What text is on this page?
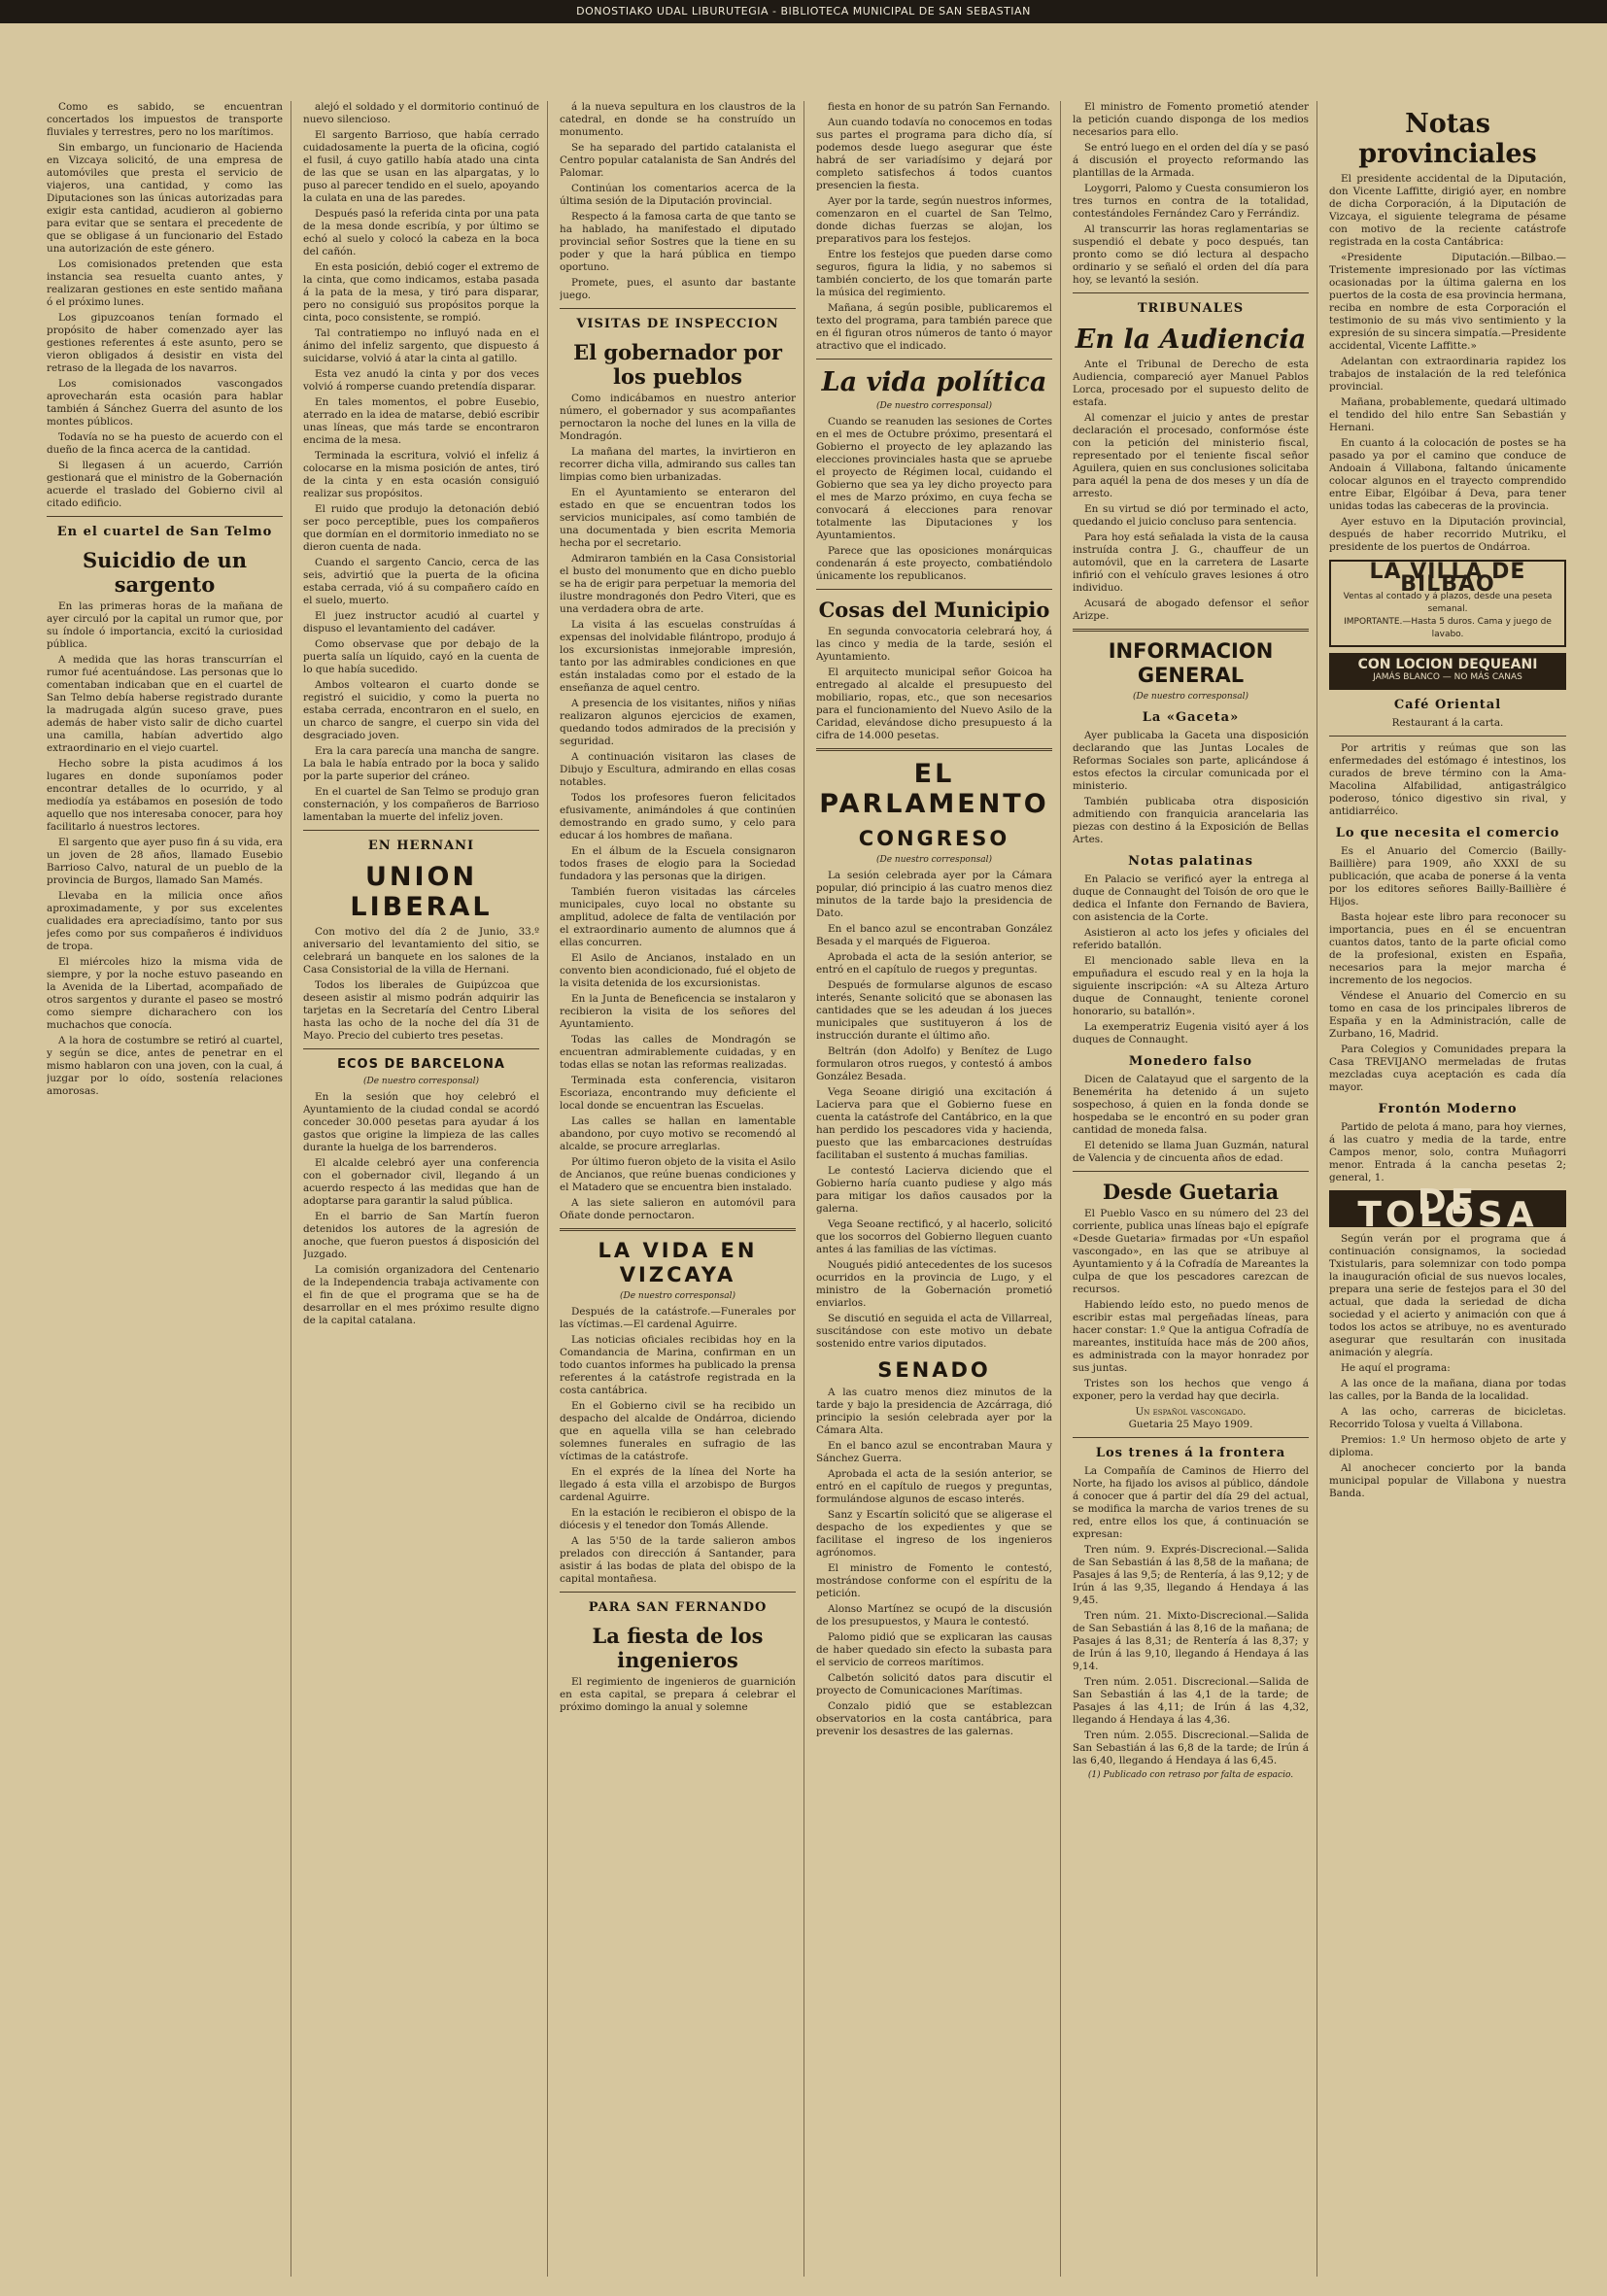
DONOSTIAKO UDAL LIBURUTEGIA - BIBLIOTECA MUNICIPAL DE SAN SEBASTIAN

Como es sabido, se encuentran concertados los impuestos de transporte fluviales y terrestres, pero no los marítimos.

Sin embargo, un funcionario de Hacienda en Vizcaya solicitó, de una empresa de automóviles que presta el servicio de viajeros, una cantidad, y como las Diputaciones son las únicas autorizadas para exigir esta cantidad, acudieron al gobierno para evitar que se sentara el precedente de que se obligase á un funcionario del Estado una autorización de este género.

Los comisionados pretenden que esta instancia sea resuelta cuanto antes, y realizaran gestiones en este sentido mañana ó el próximo lunes.

Los gipuzcoanos tenían formado el propósito de haber comenzado ayer las gestiones referentes á este asunto, pero se vieron obligados á desistir en vista del retraso de la llegada de los navarros.

Los comisionados vascongados aprovecharán esta ocasión para hablar también á Sánchez Guerra del asunto de los montes públicos.

Todavía no se ha puesto de acuerdo con el dueño de la finca acerca de la cantidad.

Si llegasen á un acuerdo, Carrión gestionará que el ministro de la Gobernación acuerde el traslado del Gobierno civil al citado edificio.

En el cuartel de San Telmo
Suicidio de un sargento

En las primeras horas de la mañana de ayer circuló por la capital un rumor que, por su índole ó importancia, excitó la curiosidad pública.

A medida que las horas transcurrían el rumor fué acentuándose. Las personas que lo comentaban indicaban que en el cuartel de San Telmo debía haberse registrado durante la madrugada algún suceso grave, pues además de haber visto salir de dicho cuartel una camilla, habían advertido algo extraordinario en el viejo cuartel.

Hecho sobre la pista acudimos á los lugares en donde suponíamos poder encontrar detalles de lo ocurrido, y al mediodía ya estábamos en posesión de todo aquello que nos interesaba conocer, para hoy facilitarlo á nuestros lectores.

El sargento que ayer puso fin á su vida, era un joven de 28 años, llamado Eusebio Barrioso Calvo, natural de un pueblo de la provincia de Burgos, llamado San Mamés.

Llevaba en la milicia once años aproximadamente, y por sus excelentes cualidades era apreciadísimo, tanto por sus jefes como por sus compañeros é individuos de tropa.

El miércoles hizo la misma vida de siempre, y por la noche estuvo paseando en la Avenida de la Libertad, acompañado de otros sargentos y durante el paseo se mostró como siempre dicharachero con los muchachos que conocía.

A la hora de costumbre se retiró al cuartel, y según se dice, antes de penetrar en el mismo hablaron con una joven, con la cual, á juzgar por lo oído, sostenía relaciones amorosas.

alejó el soldado y el dormitorio continuó de nuevo silencioso.

El sargento Barrioso, que había cerrado cuidadosamente la puerta de la oficina, cogió el fusil, á cuyo gatillo había atado una cinta de las que se usan en las alpargatas, y lo puso al parecer tendido en el suelo, apoyando la culata en una de las paredes.

Después pasó la referida cinta por una pata de la mesa donde escribía, y por último se echó al suelo y colocó la cabeza en la boca del cañón.

En esta posición, debió coger el extremo de la cinta, que como indicamos, estaba pasada á la pata de la mesa, y tiró para disparar, pero no consiguió sus propósitos porque la cinta, poco consistente, se rompió.

Tal contratiempo no influyó nada en el ánimo del infeliz sargento, que dispuesto á suicidarse, volvió á atar la cinta al gatillo.

Esta vez anudó la cinta y por dos veces volvió á romperse cuando pretendía disparar.

En tales momentos, el pobre Eusebio, aterrado en la idea de matarse, debió escribir unas líneas, que más tarde se encontraron encima de la mesa.

Terminada la escritura, volvió el infeliz á colocarse en la misma posición de antes, tiró de la cinta y en esta ocasión consiguió realizar sus propósitos.

El ruido que produjo la detonación debió ser poco perceptible, pues los compañeros que dormían en el dormitorio inmediato no se dieron cuenta de nada.

Cuando el sargento Cancio, cerca de las seis, advirtió que la puerta de la oficina estaba cerrada, vió á su compañero caído en el suelo, muerto.

El juez instructor acudió al cuartel y dispuso el levantamiento del cadáver.

Como observase que por debajo de la puerta salía un líquido, cayó en la cuenta de lo que había sucedido.

Ambos voltearon el cuarto donde se registró el suicidio, y como la puerta no estaba cerrada, encontraron en el suelo, en un charco de sangre, el cuerpo sin vida del desgraciado joven.

Era la cara parecía una mancha de sangre. La bala le había entrado por la boca y salido por la parte superior del cráneo.

En el cuartel de San Telmo se produjo gran consternación, y los compañeros de Barrioso lamentaban la muerte del infeliz joven.

EN HERNANI
UNION LIBERAL

Con motivo del día 2 de Junio, 33.º aniversario del levantamiento del sitio, se celebrará un banquete en los salones de la Casa Consistorial de la villa de Hernani.

Todos los liberales de Guipúzcoa que deseen asistir al mismo podrán adquirir las tarjetas en la Secretaría del Centro Liberal hasta las ocho de la noche del día 31 de Mayo. Precio del cubierto tres pesetas.

ECOS DE BARCELONA
(De nuestro corresponsal)

En la sesión que hoy celebró el Ayuntamiento de la ciudad condal se acordó conceder 30.000 pesetas para ayudar á los gastos que origine la limpieza de las calles durante la huelga de los barrenderos.

El alcalde celebró ayer una conferencia con el gobernador civil, llegando á un acuerdo respecto á las medidas que han de adoptarse para garantir la salud pública.

En el barrio de San Martín fueron detenidos los autores de la agresión de anoche, que fueron puestos á disposición del Juzgado.

La comisión organizadora del Centenario de la Independencia trabaja activamente con el fin de que el programa que se ha de desarrollar en el mes próximo resulte digno de la capital catalana.

á la nueva sepultura en los claustros de la catedral, en donde se ha construído un monumento.

Se ha separado del partido catalanista el Centro popular catalanista de San Andrés del Palomar.

Continúan los comentarios acerca de la última sesión de la Diputación provincial.

Respecto á la famosa carta de que tanto se ha hablado, ha manifestado el diputado provincial señor Sostres que la tiene en su poder y que la hará pública en tiempo oportuno.

Promete, pues, el asunto dar bastante juego.

VISITAS DE INSPECCION
El gobernador por los pueblos

Como indicábamos en nuestro anterior número, el gobernador y sus acompañantes pernoctaron la noche del lunes en la villa de Mondragón.

La mañana del martes, la invirtieron en recorrer dicha villa, admirando sus calles tan limpias como bien urbanizadas.

En el Ayuntamiento se enteraron del estado en que se encuentran todos los servicios municipales, así como también de una documentada y bien escrita Memoria hecha por el secretario.

Admiraron también en la Casa Consistorial el busto del monumento que en dicho pueblo se ha de erigir para perpetuar la memoria del ilustre mondragonés don Pedro Viteri, que es una verdadera obra de arte.

La visita á las escuelas construídas á expensas del inolvidable filántropo, produjo á los excursionistas inmejorable impresión, tanto por las admirables condiciones en que están instaladas como por el estado de la enseñanza de aquel centro.

A presencia de los visitantes, niños y niñas realizaron algunos ejercicios de examen, quedando todos admirados de la precisión y seguridad.

A continuación visitaron las clases de Dibujo y Escultura, admirando en ellas cosas notables.

Todos los profesores fueron felicitados efusivamente, animándoles á que continúen demostrando en grado sumo, y celo para educar á los hombres de mañana.

En el álbum de la Escuela consignaron todos frases de elogio para la Sociedad fundadora y las personas que la dirigen.

También fueron visitadas las cárceles municipales, cuyo local no obstante su amplitud, adolece de falta de ventilación por el extraordinario aumento de alumnos que á ellas concurren.

El Asilo de Ancianos, instalado en un convento bien acondicionado, fué el objeto de la visita detenida de los excursionistas.

En la Junta de Beneficencia se instalaron y recibieron la visita de los señores del Ayuntamiento.

Todas las calles de Mondragón se encuentran admirablemente cuidadas, y en todas ellas se notan las reformas realizadas.

Terminada esta conferencia, visitaron Escoriaza, encontrando muy deficiente el local donde se encuentran las Escuelas.

Las calles se hallan en lamentable abandono, por cuyo motivo se recomendó al alcalde, se procure arreglarlas.

Por último fueron objeto de la visita el Asilo de Ancianos, que reúne buenas condiciones y el Matadero que se encuentra bien instalado.

A las siete salieron en automóvil para Oñate donde pernoctaron.

LA VIDA EN VIZCAYA
(De nuestro corresponsal)

Después de la catástrofe.—Funerales por las víctimas.—El cardenal Aguirre.

Las noticias oficiales recibidas hoy en la Comandancia de Marina, confirman en un todo cuantos informes ha publicado la prensa referentes á la catástrofe registrada en la costa cantábrica.

En el Gobierno civil se ha recibido un despacho del alcalde de Ondárroa, diciendo que en aquella villa se han celebrado solemnes funerales en sufragio de las víctimas de la catástrofe.

En el exprés de la línea del Norte ha llegado á esta villa el arzobispo de Burgos cardenal Aguirre.

En la estación le recibieron el obispo de la diócesis y el tenedor don Tomás Allende.

A las 5'50 de la tarde salieron ambos prelados con dirección á Santander, para asistir á las bodas de plata del obispo de la capital montañesa.

PARA SAN FERNANDO
La fiesta de los ingenieros

El regimiento de ingenieros de guarnición en esta capital, se prepara á celebrar el próximo domingo la anual y solemne

fiesta en honor de su patrón San Fernando.

Aun cuando todavía no conocemos en todas sus partes el programa para dicho día, sí podemos desde luego asegurar que éste habrá de ser variadísimo y dejará por completo satisfechos á todos cuantos presencien la fiesta.

Ayer por la tarde, según nuestros informes, comenzaron en el cuartel de San Telmo, donde dichas fuerzas se alojan, los preparativos para los festejos.

Entre los festejos que pueden darse como seguros, figura la lidia, y no sabemos si también concierto, de los que tomarán parte la música del regimiento.

Mañana, á según posible, publicaremos el texto del programa, para también parece que en él figuran otros números de tanto ó mayor atractivo que el indicado.

La vida política
(De nuestro corresponsal)

Cuando se reanuden las sesiones de Cortes en el mes de Octubre próximo, presentará el Gobierno el proyecto de ley aplazando las elecciones provinciales hasta que se apruebe el proyecto de Régimen local, cuidando el Gobierno que sea ya ley dicho proyecto para el mes de Marzo próximo, en cuya fecha se convocará á elecciones para renovar totalmente las Diputaciones y los Ayuntamientos.

Parece que las oposiciones monárquicas condenarán á este proyecto, combatiéndolo únicamente los republicanos.

Cosas del Municipio

En segunda convocatoria celebrará hoy, á las cinco y media de la tarde, sesión el Ayuntamiento.

El arquitecto municipal señor Goicoa ha entregado al alcalde el presupuesto del mobiliario, ropas, etc., que son necesarios para el funcionamiento del Nuevo Asilo de la Caridad, elevándose dicho presupuesto á la cifra de 14.000 pesetas.

EL PARLAMENTO
CONGRESO
(De nuestro corresponsal)

La sesión celebrada ayer por la Cámara popular, dió principio á las cuatro menos diez minutos de la tarde bajo la presidencia de Dato.

En el banco azul se encontraban González Besada y el marqués de Figueroa.

Aprobada el acta de la sesión anterior, se entró en el capítulo de ruegos y preguntas.

Después de formularse algunos de escaso interés, Senante solicitó que se abonasen las cantidades que se les adeudan á los jueces municipales que sustituyeron á los de instrucción durante el último año.

Beltrán (don Adolfo) y Benítez de Lugo formularon otros ruegos, y contestó á ambos González Besada.

Vega Seoane dirigió una excitación á Lacierva para que el Gobierno fuese en cuenta la catástrofe del Cantábrico, en la que han perdido los pescadores vida y hacienda, puesto que las embarcaciones destruídas facilitaban el sustento á muchas familias.

Le contestó Lacierva diciendo que el Gobierno haría cuanto pudiese y algo más para mitigar los daños causados por la galerna.

Vega Seoane rectificó, y al hacerlo, solicitó que los socorros del Gobierno lleguen cuanto antes á las familias de las víctimas.

Nougués pidió antecedentes de los sucesos ocurridos en la provincia de Lugo, y el ministro de la Gobernación prometió enviarlos.

Se discutió en seguida el acta de Villarreal, suscitándose con este motivo un debate sostenido entre varios diputados.

SENADO

A las cuatro menos diez minutos de la tarde y bajo la presidencia de Azcárraga, dió principio la sesión celebrada ayer por la Cámara Alta.

En el banco azul se encontraban Maura y Sánchez Guerra.

Aprobada el acta de la sesión anterior, se entró en el capítulo de ruegos y preguntas, formulándose algunos de escaso interés.

Sanz y Escartín solicitó que se aligerase el despacho de los expedientes y que se facilitase el ingreso de los ingenieros agrónomos.

El ministro de Fomento le contestó, mostrándose conforme con el espíritu de la petición.

Alonso Martínez se ocupó de la discusión de los presupuestos, y Maura le contestó.

Palomo pidió que se explicaran las causas de haber quedado sin efecto la subasta para el servicio de correos marítimos.

Calbetón solicitó datos para discutir el proyecto de Comunicaciones Marítimas.

Conzalo pidió que se establezcan observatorios en la costa cantábrica, para prevenir los desastres de las galernas.

El ministro de Fomento prometió atender la petición cuando disponga de los medios necesarios para ello.

Se entró luego en el orden del día y se pasó á discusión el proyecto reformando las plantillas de la Armada.

Loygorri, Palomo y Cuesta consumieron los tres turnos en contra de la totalidad, contestándoles Fernández Caro y Ferrándiz.

Al transcurrir las horas reglamentarias se suspendió el debate y poco después, tan pronto como se dió lectura al despacho ordinario y se señaló el orden del día para hoy, se levantó la sesión.

TRIBUNALES
En la Audiencia

Ante el Tribunal de Derecho de esta Audiencia, compareció ayer Manuel Pablos Lorca, procesado por el supuesto delito de estafa.

Al comenzar el juicio y antes de prestar declaración el procesado, conformóse éste con la petición del ministerio fiscal, representado por el teniente fiscal señor Aguilera, quien en sus conclusiones solicitaba para aquél la pena de dos meses y un día de arresto.

En su virtud se dió por terminado el acto, quedando el juicio concluso para sentencia.

Para hoy está señalada la vista de la causa instruída contra J. G., chauffeur de un automóvil, que en la carretera de Lasarte infirió con el vehículo graves lesiones á otro individuo.

Acusará de abogado defensor el señor Arizpe.

INFORMACION GENERAL
(De nuestro corresponsal)
La «Gaceta»

Ayer publicaba la Gaceta una disposición declarando que las Juntas Locales de Reformas Sociales son parte, aplicándose á estos efectos la circular comunicada por el ministerio.

También publicaba otra disposición admitiendo con franquicia arancelaria las piezas con destino á la Exposición de Bellas Artes.

Notas palatinas

En Palacio se verificó ayer la entrega al duque de Connaught del Toisón de oro que le dedica el Infante don Fernando de Baviera, con asistencia de la Corte.

Asistieron al acto los jefes y oficiales del referido batallón.

El mencionado sable lleva en la empuñadura el escudo real y en la hoja la siguiente inscripción: «A su Alteza Arturo duque de Connaught, teniente coronel honorario, su batallón».

La exemperatriz Eugenia visitó ayer á los duques de Connaught.

Monedero falso

Dicen de Calatayud que el sargento de la Benemérita ha detenido á un sujeto sospechoso, á quien en la fonda donde se hospedaba se le encontró en su poder gran cantidad de moneda falsa.

El detenido se llama Juan Guzmán, natural de Valencia y de cincuenta años de edad.

Desde Guetaria

El Pueblo Vasco en su número del 23 del corriente, publica unas líneas bajo el epígrafe «Desde Guetaria» firmadas por «Un español vascongado», en las que se atribuye al Ayuntamiento y á la Cofradía de Mareantes la culpa de que los pescadores carezcan de recursos.

Habiendo leído esto, no puedo menos de escribir estas mal pergeñadas líneas, para hacer constar: 1.º Que la antigua Cofradía de mareantes, instituída hace más de 200 años, es administrada con la mayor honradez por sus juntas.

Tristes son los hechos que vengo á exponer, pero la verdad hay que decirla.

Un español vascongado.
Guetaria 25 Mayo 1909.
Los trenes á la frontera

La Compañía de Caminos de Hierro del Norte, ha fijado los avisos al público, dándole á conocer que á partir del día 29 del actual, se modifica la marcha de varios trenes de su red, entre ellos los que, á continuación se expresan:

Tren núm. 9. Exprés-Discrecional.—Salida de San Sebastián á las 8,58 de la mañana; de Pasajes á las 9,5; de Rentería, á las 9,12; y de Irún á las 9,35, llegando á Hendaya á las 9,45.

Tren núm. 21. Mixto-Discrecional.—Salida de San Sebastián á las 8,16 de la mañana; de Pasajes á las 8,31; de Rentería á las 8,37; y de Irún á las 9,10, llegando á Hendaya á las 9,14.

Tren núm. 2.051. Discrecional.—Salida de San Sebastián á las 4,1 de la tarde; de Pasajes á las 4,11; de Irún á las 4,32, llegando á Hendaya á las 4,36.

Tren núm. 2.055. Discrecional.—Salida de San Sebastián á las 6,8 de la tarde; de Irún á las 6,40, llegando á Hendaya á las 6,45.

(1) Publicado con retraso por falta de espacio.
Notas provinciales

El presidente accidental de la Diputación, don Vicente Laffitte, dirigió ayer, en nombre de dicha Corporación, á la Diputación de Vizcaya, el siguiente telegrama de pésame con motivo de la reciente catástrofe registrada en la costa Cantábrica:

«Presidente Diputación.—Bilbao.—Tristemente impresionado por las víctimas ocasionadas por la última galerna en los puertos de la costa de esa provincia hermana, reciba en nombre de esta Corporación el testimonio de su más vivo sentimiento y la expresión de su sincera simpatía.—Presidente accidental, Vicente Laffitte.»

Adelantan con extraordinaria rapidez los trabajos de instalación de la red telefónica provincial.

Mañana, probablemente, quedará ultimado el tendido del hilo entre San Sebastián y Hernani.

En cuanto á la colocación de postes se ha pasado ya por el camino que conduce de Andoain á Villabona, faltando únicamente colocar algunos en el trayecto comprendido entre Eibar, Elgóibar á Deva, para tener unidas todas las cabeceras de la provincia.

Ayer estuvo en la Diputación provincial, después de haber recorrido Mutriku, el presidente de los puertos de Ondárroa.

LA VILLA DE BILBAO
Ventas al contado y á plazos, desde una peseta semanal.
IMPORTANTE.—Hasta 5 duros. Cama y juego de lavabo.
CON LOCION DEQUEANI
JAMÁS BLANCO — NO MÁS CANAS
Café Oriental
Restaurant á la carta.

Por artritis y reúmas que son las enfermedades del estómago é intestinos, los curados de breve término con la Ama-Macolina Alfabilidad, antigastrálgico poderoso, tónico digestivo sin rival, y antidiarréico.

Lo que necesita el comercio

Es el Anuario del Comercio (Bailly-Baillière) para 1909, año XXXI de su publicación, que acaba de ponerse á la venta por los editores señores Bailly-Baillière é Hijos.

Basta hojear este libro para reconocer su importancia, pues en él se encuentran cuantos datos, tanto de la parte oficial como de la profesional, existen en España, necesarios para la mejor marcha é incremento de los negocios.

Véndese el Anuario del Comercio en su tomo en casa de los principales libreros de España y en la Administración, calle de Zurbano, 16, Madrid.

Para Colegios y Comunidades prepara la Casa TREVIJANO mermeladas de frutas mezcladas cuya aceptación es cada día mayor.

Frontón Moderno

Partido de pelota á mano, para hoy viernes, á las cuatro y media de la tarde, entre Campos menor, solo, contra Muñagorri menor. Entrada á la cancha pesetas 2; general, 1.

DE TOLOSA

Según verán por el programa que á continuación consignamos, la sociedad Txistularis, para solemnizar con todo pompa la inauguración oficial de sus nuevos locales, prepara una serie de festejos para el 30 del actual, que dada la seriedad de dicha sociedad y el acierto y animación con que á todos los actos se atribuye, no es aventurado asegurar que resultarán con inusitada animación y alegría.

He aquí el programa:

A las once de la mañana, diana por todas las calles, por la Banda de la localidad.

A las ocho, carreras de bicicletas. Recorrido Tolosa y vuelta á Villabona.

Premios: 1.º Un hermoso objeto de arte y diploma.

Al anochecer concierto por la banda municipal popular de Villabona y nuestra Banda.
